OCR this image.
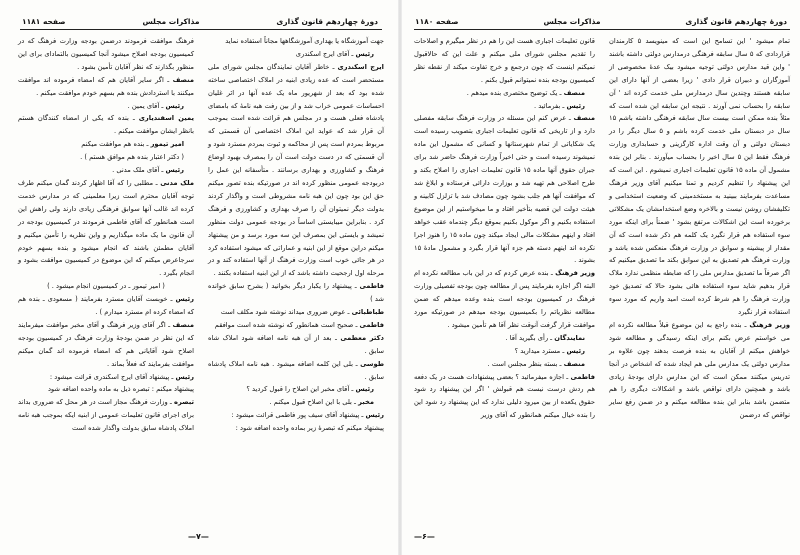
دورهٔ چهاردهم قانون گذاری
مذاکرات مجلس
صفحه ۱۱۸۱

جهت آموزشگاه یا بهداری آموزشگاهها مجاناً استفاده نماید

رئیس ـ آقای ایرج اسکندری

ایرج اسکندری ـ خاطر آقایان نمایندگان مجلس شورای ملی مستحضر است که عده زیادی ابنیه در املاک اختصاصی ساخته شده بود که بعد از شهریور ماه یک عده آنها در اثر غلیان احساسات عمومی خراب شد و از بین رفت هبه نامهٔ که بامضای پادشاه فعلی هست و در مجلس هم قرائت شده است بموجب آن قرار شد که عواید این املاک اختصاصی آن قسمتی که مربوط بمردم است پس از محاکمه و ثبوت بمردم مسترد شود و آن قسمتی که در دست دولت است آن را بمصرف بهبود اوضاع فرهنگ و کشاورزی و بهداری برسانند . متأسفانه این عمل را دربودجه عمومی منظور کرده اند در صورتیکه بنده تصور میکنم حق این بود چون این هبه نامه مشروطی است و واگذار کردند بدولت دیگر نمیتوان آن را صرف بهداری و کشاورزی و فرهنگ کرد . بنابراین میبایستی اساساً در بودجه عمومی دولت منظور نمیشد و بایستی این بمصرف این سه مورد برسد و من پیشنهاد میکنم دراین موقع از این ابنیه و عماراتی که میشود استفاده کرد در هر جائی خوب است وزارت فرهنگ از آنها استفاده کند و در مرحله اول ارجحیت داشته باشد که از این ابنیه استفاده بکنند .

فاطمی ـ پیشنهاد را یکبار دیگر بخوانید ( بشرح سابق خوانده شد )

طباطبائی ـ عوض ضروری میداند نوشته شود مکلف است

فاطمی ـ صحیح است همانطور که نوشته شده است موافقم

دکتر معظمی ـ بعد از آن هبه نامه اضافه شود املاک شاه سابق .

طوسی ـ بلی این کلمه اضافه میشود . هبه نامه املاک پادشاه سابق .

رئیس ـ آقای مخبر این اصلاح را قبول کردید ؟

مخبر ـ بلی با این اصلاح قبول میکنم .

رئیس ـ پیشنهاد آقای سیف پور فاطمی قرائت میشود :

پیشنهاد میکنم که تبصرهٔ زیر بماده واحده اضافه شود :

فرهنگ موافقت فرمودند درضمن بودجه وزارت فرهنگ که در کمیسیون بودجه اصلاح میشود آنجا کمیسیون بالتماداى براى این منظور بگذارند که نظر آقایان تأمین بشود .

منصف ـ اگر سایر آقایان هم که امضاء فرموده اند موافقت میکنند با استردادش بنده هم بسهم خودم موافقت میکنم .

رئیس ـ آقای یمین .

یمین اسفندیاری ـ بنده که یکی از امضاء کنندگان هستم بانظر ایشان موافقت میکنم .

امیر تیمور ـ بنده هم موافقت میکنم

( دکتر اعتبار بنده هم موافق هستم ) .

رئیس ـ آقای ملک مدنی .

ملک مدنی ـ مطلبی را که آقا اظهار کردند گمان میکنم طرف توجه آقایان محترم است زیرا معلمینی که در مدارس خدمت کرده اند غالب آنها سوابق فرهنگی زیادی دارند ولی راهش این است همانطور که آقای فاطمی فرمودند در کمیسیون بودجه در آن قانون ما یک ماده میگذاریم و واین نظریه را تأمین میکنیم و آقایان مطمئن باشند که انجام میشود و بنده بسهم خودم سرجاعرض میکنم که این موضوع در کمیسیون موافقت بشود و انجام بگیرد .

( امیر تیمور ـ در کمیسیون انجام میشود . )

رئیس ـ خوبست آقایان مسترد بفرمایند ( مسعودی ـ بنده هم که امضاء کرده ام مسترد میدارم ) .

منصف ـ اگر آقای وزیر فرهنگ و آقای مخبر موافقت میفرمایند که این نظر در ضمن بودجهٔ وزارت فرهنگ در کمیسیون بودجه اصلاح شود آقایانی هم که امضاء فرموده اند گمان میکنم موافقت بفرمایند که فعلاً بماند .

رئیس ـ پیشنهاد آقای ایرج اسکندری قرائت میشود :

پیشنهاد میکنم : تبصره ذیل به ماده واحده اضافه شود

تبصره ـ وزارت فرهنگ مجاز است در هر محل که ضروری بداند برای اجرای قانون تعلیمات عمومی از ابنیه ایکه بموجب هبه نامه املاک پادشاه سابق بدولت واگذار شده است

—۷—
دورهٔ چهاردهم قانون گذاری
مذاکرات مجلس
صفحه ۱۱۸۰

تمام میشود ' این تسامح این است که مینویسد ۵ کارمندان قراردادی که ۵ سال سابقه فرهنگی درمدارس دولتی داشته باشند ' واین قید مدارس دولتی توجیه میشود بیک عدهٔ مخصوصی از آموزگاران و دبیران قرار دادی ' زیرا بعضی از آنها دارای این سابقه هستند وچندین سال درمدارس ملی خدمت کرده اند ' آن سابقه را بحساب نمی آورند . نتیجه این سابقه این شده است که مثلاً بنده ممکن است بیست سال سابقه فرهنگی داشته باشم ۱۵ سال در دبستان ملی خدمت کرده باشم و ۵ سال دیگر را در دبستان دولتی و آن وقت اداره کارگزینی و حسابداری وزارت فرهنگ فقط این ۵ سال اخیر را بحساب میآورند . بنابر این بنده مشمول آن ماده ۱۵ قانون تعلیمات اجباری نمیشوم . این است که این پیشنهاد را تنظیم کردیم و تمنا میکنیم آقای وزیر فرهنگ مساعدت بفرمایند ببینید به مستخدمینی که وضعیت استخدامی و تکلیفشان روشن نیست و بالاخره وضع استخدامشان یک مشکلاتی برخورده است این اشکالات مرتفع بشود ' ضمناً برای اینکه مورد سوء استفاده هم قرار نگیرد یک کلمه هم ذکر شده است که آن مقدار از پیشینه و سوابق در وزارت فرهنگ منعکس شده باشد و وزارت فرهنگ هم تصدیق به این سوابق بکند ما تصدیق میکنیم که اگر صرفاً ما تصدیق مدارس ملی را که ضابطه منظمی ندارد ملاک قرار بدهیم شاید سوء استفاده هائی بشود حالا که تصدیق خود وزارت فرهنگ را هم شرط کرده است امید واریم که مورد سوء استفاده قرار نگیرد

وزیر فرهنگ ـ بنده راجع به این موضوع قبلاً مطالعه نکرده ام می خواستم عرض بکنم برای اینکه رسیدگی و مطالعه شود خواهش میکنم از آقایان به بنده فرصت بدهند چون علاوه بر مدارس دولتی یک مدارس ملی هم ایجاد شده که اشخاص در آنجا تدریس میکنند ممکن است که این مدارس دارای بودجهٔ زیادی باشد و همچنین دارای نواقص باشد و اشکالات دیگری را هم متضمن باشد بنابر این بنده مطالعه میکنم و در ضمن رفع سایر نواقص که درضمن

قانون تعلیمات اجباری هست این را هم در نظر میگیرم و اصلاحات را تقدیم مجلس شورای ملی میکنم و علت این که حالاقبول نمیکنم اینست که چون درجمع و خرج تفاوت میکند از نقطه نظر کمیسیون بودجه بنده نمیتوانم قبول بکنم .

منصف ـ یک توضیح مختصری بنده میدهم .

رئیس ـ بفرمائید .

منصف ـ عرض کنم این مسئله در وزارت فرهنگ سابقه مفصلی دارد و از تاریخی که قانون تعلیمات اجباری بتصویب رسیده است یک شکایاتی از تمام شهرستانها و کسانی که مشمول این ماده نمیشوند رسیده است و حتی اخیراً وزارت فرهنگ حاضر شد برای جبران حقوق آنها ماده ۱۵ قانون تعلیمات اجباری را اصلاح بکند و طرح اصلاحی هم تهیه شد و بوزارت دارائی فرستاده و ابلاغ شد که موافقت آنها هم جلب بشود چون مصادف شد با تزلزل کابینه و هیئت دولت این قضیه بتأخیر افتاد و ما میخواستیم از این موضوع استفاده بکنیم و اگر موکول بکنیم بموقع دیگر چندماه عقب خواهد افتاد و اینهم مشکلات مالی ایجاد میکند چون ماده ۱۵ را هنوز اجرا نکرده اند اینهم دسته هم جزء آنها قرار بگیرد و مشمول مادهٔ ۱۵ بشوند .

وزیر فرهنگ ـ بنده عرض کردم که در این باب مطالعه نکرده ام البته اگر اجازه بفرمایند پس از مطالعه چون بودجه تفصیلی وزارت فرهنگ در کمیسیون بودجه است بنده وعده میدهم که ضمن مطالعه نظریاتم را بکمیسیون بودجه میدهم در صورتیکه مورد موافقت قرار گرفت آنوقت نظر آقا هم تأمین میشود .

نمایندگان ـ رأی بگیرید آقا .

رئیس ـ مسترد میدارید ؟

منصف ـ بسته بنظر مجلس است .

فاطمی ـ اجازه میفرمائید ؟ بعضی پیشنهادات هست در یک دفعه هم ردش درست نیست هم قبولش ' اگر این پیشنهاد رد شود حقوق یکعده از بین میرود دلیلی ندارد که این پیشنهاد رد شود این را بنده خیال میکنم همانطور که آقای وزیر

—۶—
